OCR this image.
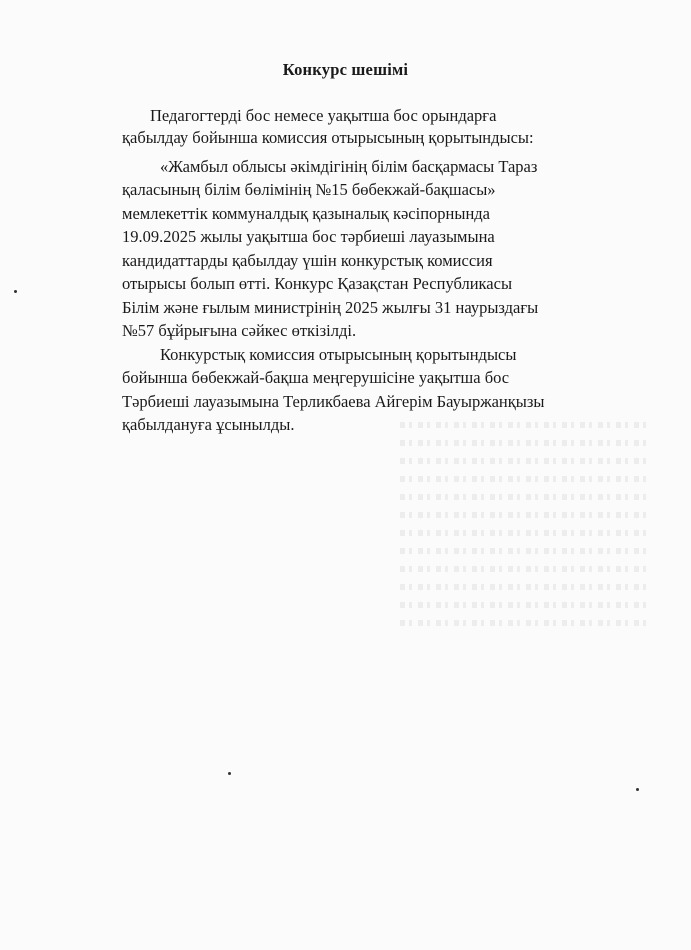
Конкурс шешімі
Педагогтерді бос немесе уақытша бос орындарға
қабылдау бойынша комиссия отырысының қорытындысы:
«Жамбыл облысы әкімдігінің білім басқармасы Тараз
қаласының білім бөлімінің №15 бөбекжай-бақшасы»
мемлекеттік коммуналдық қазыналық кәсіпорнында
19.09.2025 жылы уақытша бос тәрбиеші лауазымына
кандидаттарды қабылдау үшін конкурстық комиссия
отырысы болып өтті. Конкурс Қазақстан Республикасы
Білім және ғылым министрінің 2025 жылғы 31 наурыздағы
№57 бұйрығына сәйкес өткізілді.
Конкурстық комиссия отырысының қорытындысы
бойынша бөбекжай-бақша меңгерушісіне уақытша бос
Тәрбиеші лауазымына Терликбаева Айгерім Бауыржанқызы
қабылдануға ұсынылды.
